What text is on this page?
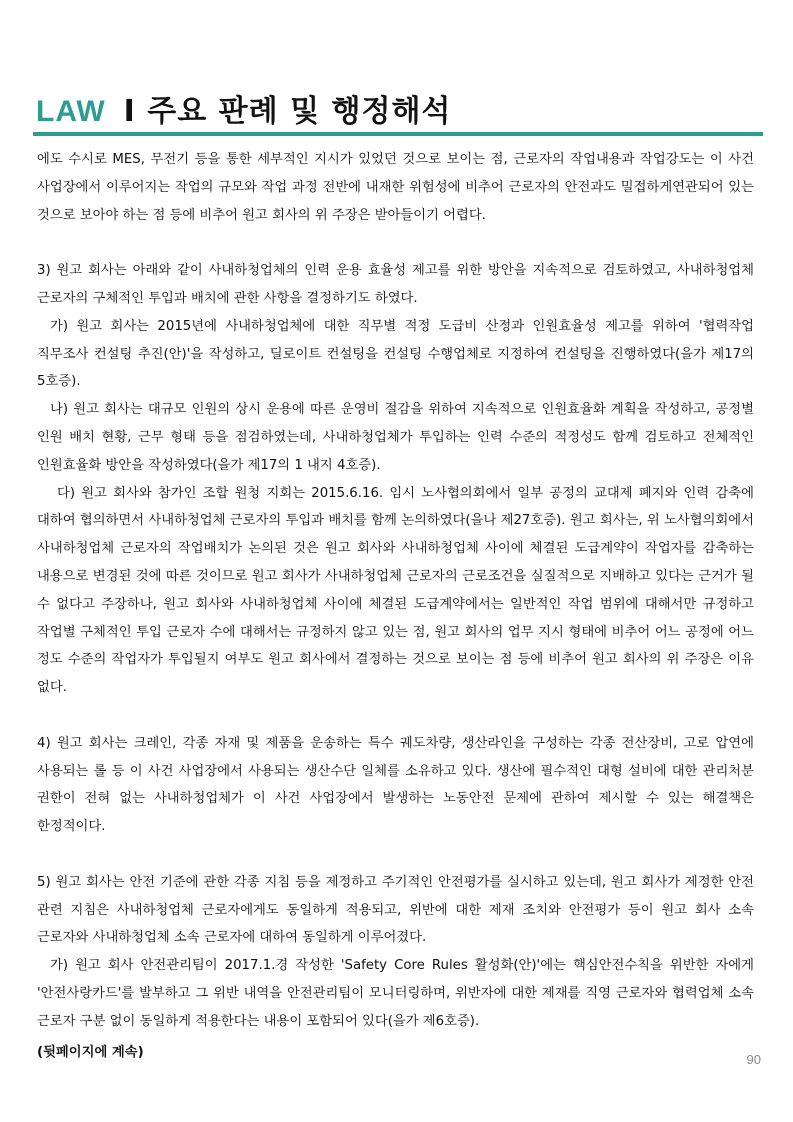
LAW I 주요 판례 및 행정해석

에도 수시로 MES, 무전기 등을 통한 세부적인 지시가 있었던 것으로 보이는 점, 근로자의 작업내용과 작업강도는 이 사건 사업장에서 이루어지는 작업의 규모와 작업 과정 전반에 내재한 위험성에 비추어 근로자의 안전과도 밀접하게연관되어 있는 것으로 보아야 하는 점 등에 비추어 원고 회사의 위 주장은 받아들이기 어렵다.

3) 원고 회사는 아래와 같이 사내하청업체의 인력 운용 효율성 제고를 위한 방안을 지속적으로 검토하였고, 사내하청업체 근로자의 구체적인 투입과 배치에 관한 사항을 결정하기도 하였다.

가) 원고 회사는 2015년에 사내하청업체에 대한 직무별 적정 도급비 산정과 인원효율성 제고를 위하여 '협력작업 직무조사 컨설팅 추진(안)'을 작성하고, 딜로이트 컨설팅을 컨설팅 수행업체로 지정하여 컨설팅을 진행하였다(을가 제17의 5호증).

나) 원고 회사는 대규모 인원의 상시 운용에 따른 운영비 절감을 위하여 지속적으로 인원효율화 계획을 작성하고, 공정별 인원 배치 현황, 근무 형태 등을 점검하였는데, 사내하청업체가 투입하는 인력 수준의 적정성도 함께 검토하고 전체적인 인원효율화 방안을 작성하였다(을가 제17의 1 내지 4호증).

다) 원고 회사와 참가인 조합 원청 지회는 2015.6.16. 임시 노사협의회에서 일부 공정의 교대제 폐지와 인력 감축에 대하여 협의하면서 사내하청업체 근로자의 투입과 배치를 함께 논의하였다(을나 제27호증). 원고 회사는, 위 노사협의회에서 사내하청업체 근로자의 작업배치가 논의된 것은 원고 회사와 사내하청업체 사이에 체결된 도급계약이 작업자를 감축하는 내용으로 변경된 것에 따른 것이므로 원고 회사가 사내하청업체 근로자의 근로조건을 실질적으로 지배하고 있다는 근거가 될 수 없다고 주장하나, 원고 회사와 사내하청업체 사이에 체결된 도급계약에서는 일반적인 작업 범위에 대해서만 규정하고 작업별 구체적인 투입 근로자 수에 대해서는 규정하지 않고 있는 점, 원고 회사의 업무 지시 형태에 비추어 어느 공정에 어느 정도 수준의 작업자가 투입될지 여부도 원고 회사에서 결정하는 것으로 보이는 점 등에 비추어 원고 회사의 위 주장은 이유 없다.

4) 원고 회사는 크레인, 각종 자재 및 제품을 운송하는 특수 궤도차량, 생산라인을 구성하는 각종 전산장비, 고로 압연에 사용되는 롤 등 이 사건 사업장에서 사용되는 생산수단 일체를 소유하고 있다. 생산에 필수적인 대형 설비에 대한 관리처분 권한이 전혀 없는 사내하청업체가 이 사건 사업장에서 발생하는 노동안전 문제에 관하여 제시할 수 있는 해결책은 한정적이다.

5) 원고 회사는 안전 기준에 관한 각종 지침 등을 제정하고 주기적인 안전평가를 실시하고 있는데, 원고 회사가 제정한 안전 관련 지침은 사내하청업체 근로자에게도 동일하게 적용되고, 위반에 대한 제재 조치와 안전평가 등이 원고 회사 소속 근로자와 사내하청업체 소속 근로자에 대하여 동일하게 이루어졌다.

가) 원고 회사 안전관리팀이 2017.1.경 작성한 'Safety Core Rules 활성화(안)'에는 핵심안전수칙을 위반한 자에게 '안전사랑카드'를 발부하고 그 위반 내역을 안전관리팀이 모니터링하며, 위반자에 대한 제재를 직영 근로자와 협력업체 소속 근로자 구분 없이 동일하게 적용한다는 내용이 포함되어 있다(을가 제6호증).

(뒷페이지에 계속)	90
